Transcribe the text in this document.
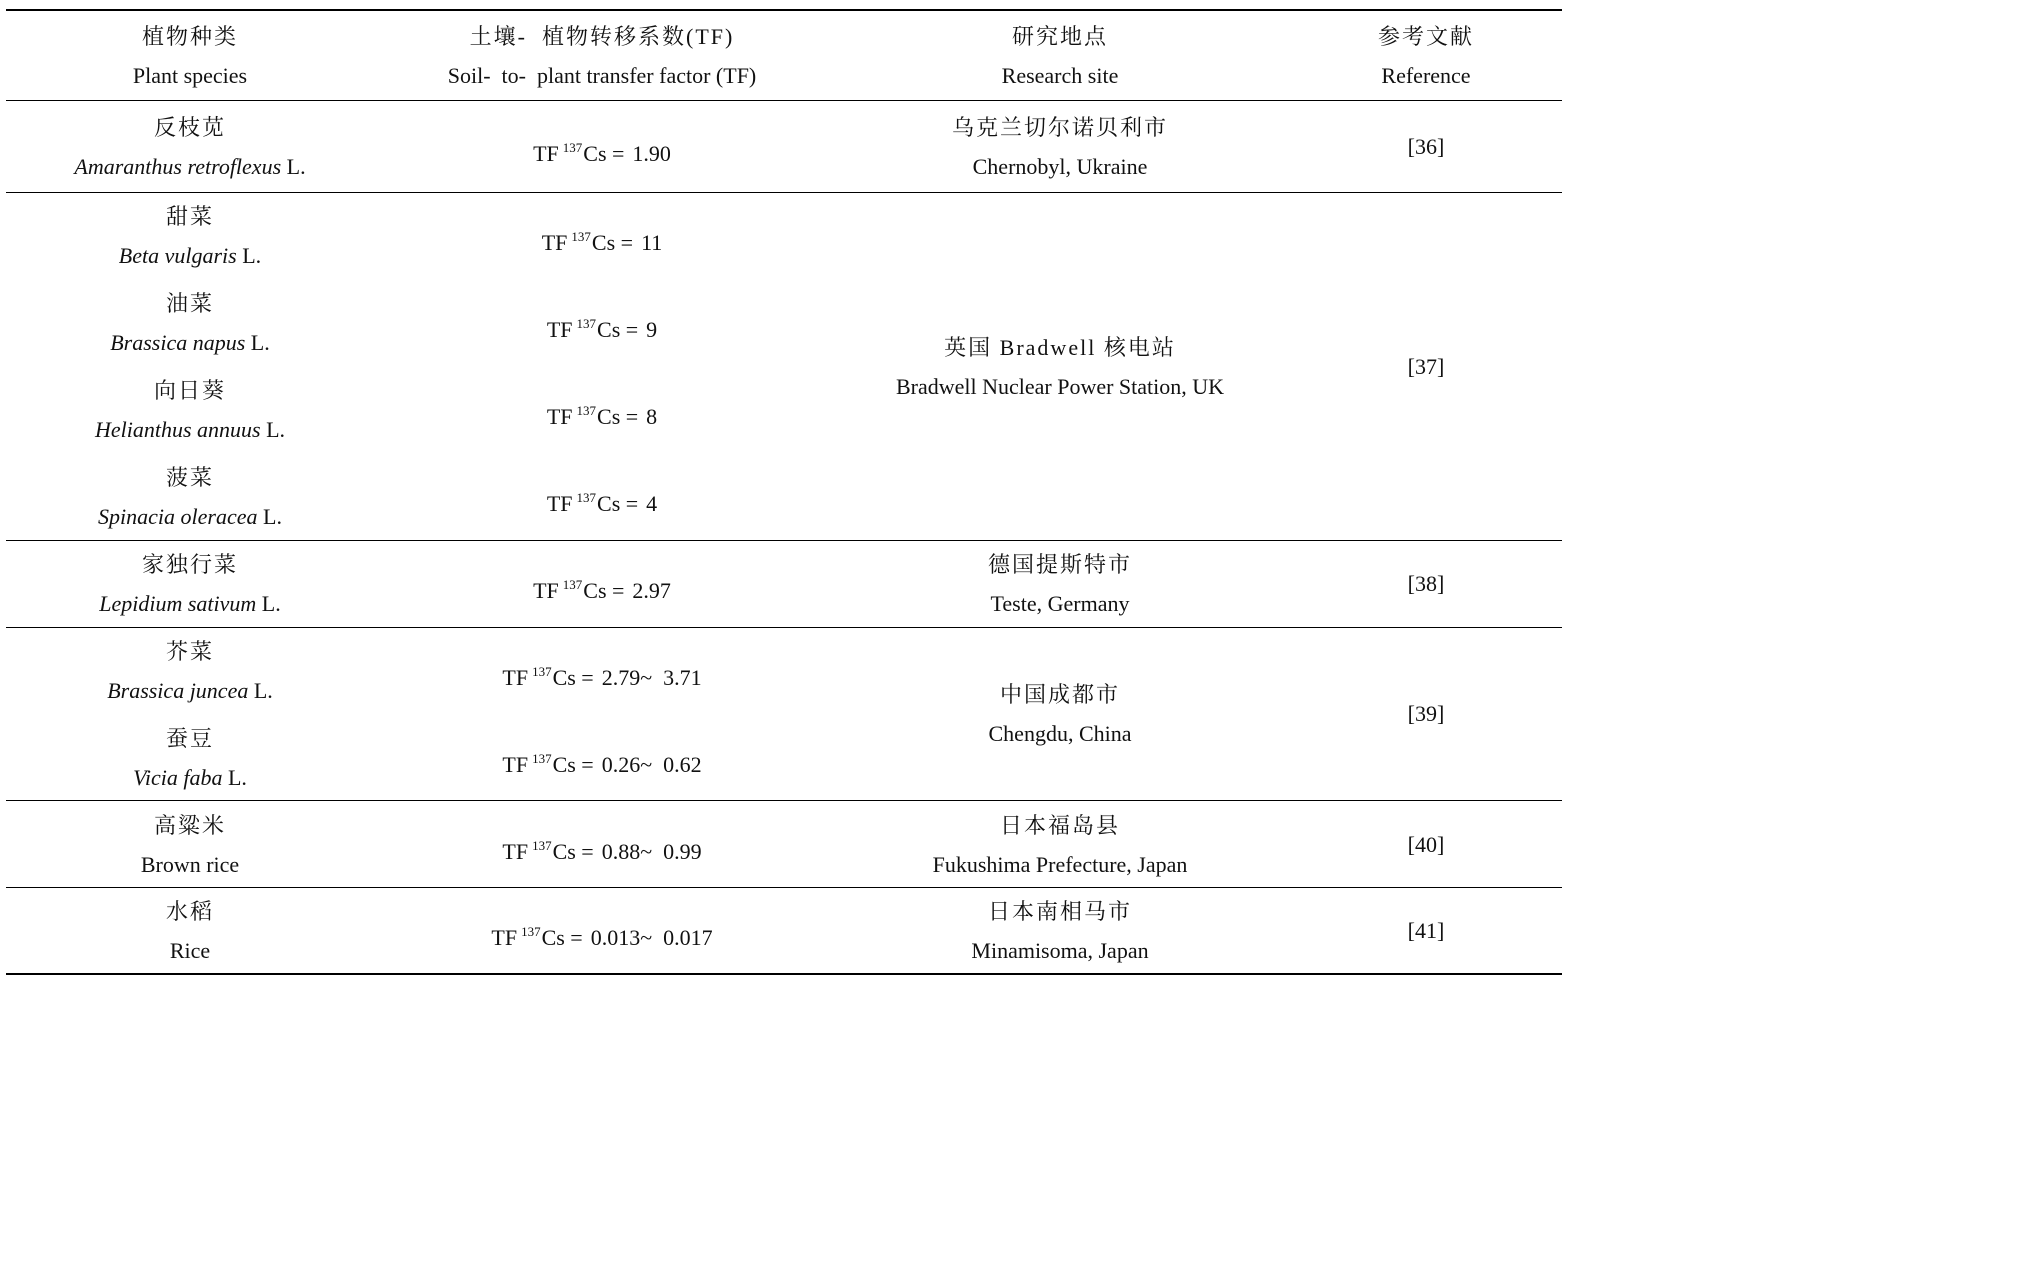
植物种类
Plant species
土壤-  植物转移系数(TF)
Soil-  to-  plant transfer factor (TF)
研究地点
Research site
参考文献
Reference
反枝苋
Amaranthus retroflexus L.
甜菜
Beta vulgaris L.
油菜
Brassica napus L.
向日葵
Helianthus annuus L.
菠菜
Spinacia oleracea L.
家独行菜
Lepidium sativum L.
芥菜
Brassica juncea L.
蚕豆
Vicia faba L.
高粱米
Brown rice
水稻
Rice
TF $^{137}$Cs = 1.90
TF $^{137}$Cs = 11
TF $^{137}$Cs = 9
TF $^{137}$Cs = 8
TF $^{137}$Cs = 4
TF $^{137}$Cs = 2.97
TF $^{137}$Cs = 2.79~  3.71
TF $^{137}$Cs = 0.26~  0.62
TF $^{137}$Cs = 0.88~  0.99
TF $^{137}$Cs = 0.013~  0.017
乌克兰切尔诺贝利市
Chernobyl, Ukraine
英国 Bradwell 核电站
Bradwell Nuclear Power Station, UK
德国提斯特市
Teste, Germany
中国成都市
Chengdu, China
日本福岛县
Fukushima Prefecture, Japan
日本南相马市
Minamisoma, Japan
[36]
[37]
[38]
[39]
[40]
[41]
